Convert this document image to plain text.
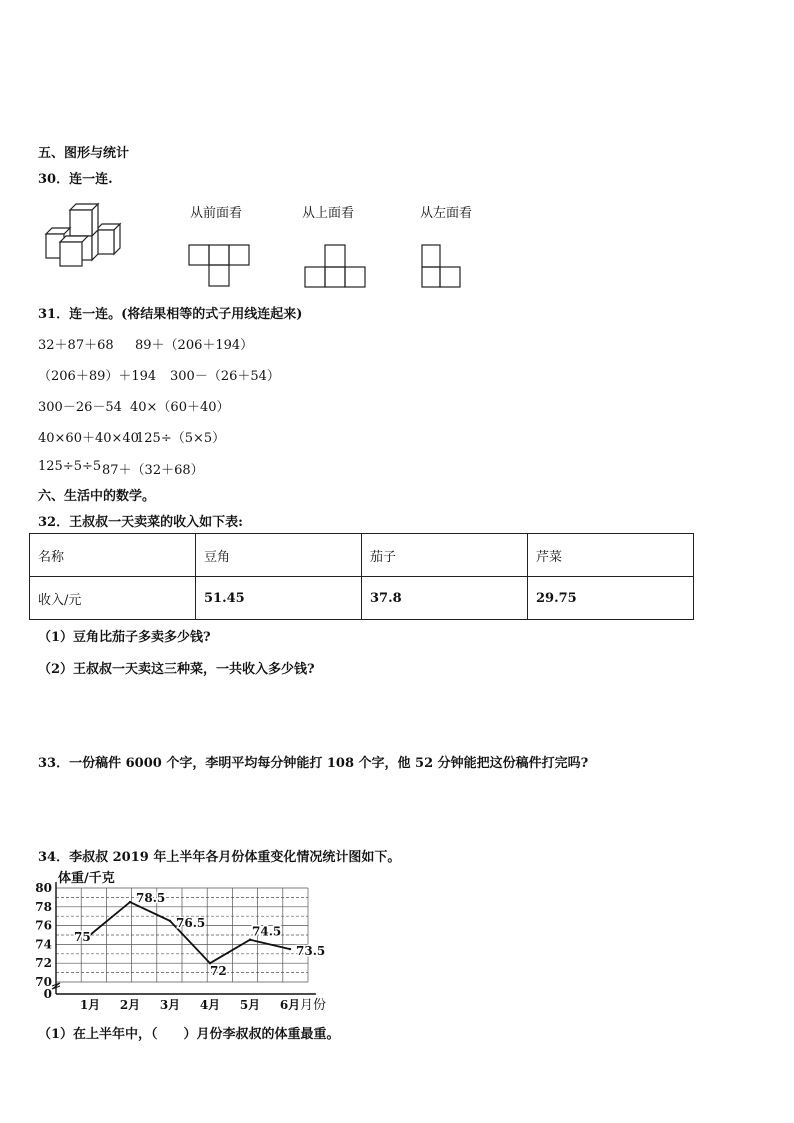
五、图形与统计
30．连一连.
从前面看	从上面看	从左面看
31．连一连。(将结果相等的式子用线连起来)
32＋87＋68 89＋（206＋194）
（206＋89）＋194 300－（26＋54）
300－26－54 40×（60＋40）
40×60＋40×40
125÷（5×5）
125÷5÷5 87＋（32＋68）
六、生活中的数学。
32．王叔叔一天卖菜的收入如下表:
名称	豆角	茄子	芹菜
收入/元	51.45	37.8	29.75
（1）豆角比茄子多卖多少钱?
（2）王叔叔一天卖这三种菜，一共收入多少钱?
33．一份稿件 6000 个字，李明平均每分钟能打 108 个字，他 52 分钟能把这份稿件打完吗?
34．李叔叔 2019 年上半年各月份体重变化情况统计图如下。
体重/千克
80
78
76
74
72
70
0
1月 2月 3月 4月 5月 6月
75
78.5
76.5
72
74.5
73.5
月份
（1）在上半年中，（　　）月份李叔叔的体重最重。
